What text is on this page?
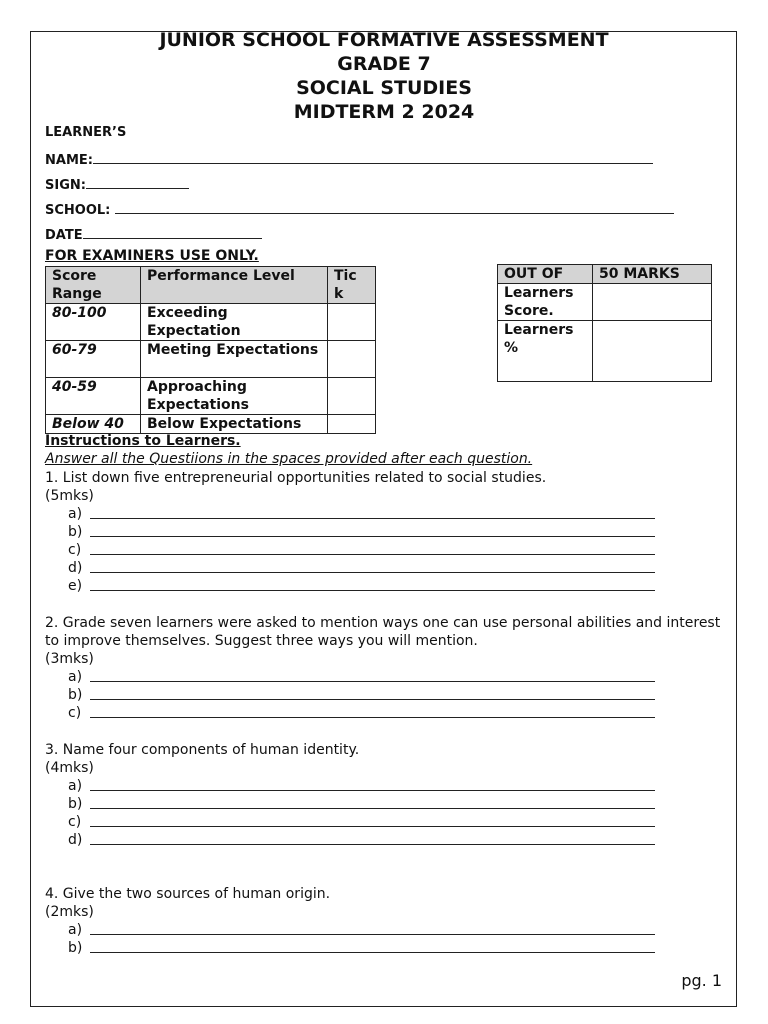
JUNIOR SCHOOL FORMATIVE ASSESSMENT
GRADE 7
SOCIAL STUDIES
MIDTERM 2 2024
LEARNER’S
NAME:
SIGN:
SCHOOL:
DATE
FOR EXAMINERS USE ONLY.
Score Range	Performance Level	Tic k
80-100	Exceeding Expectation	
60-79	Meeting Expectations	
40-59	Approaching Expectations	
Below 40	Below Expectations	
OUT OF	50 MARKS
Learners Score.	
Learners %	
Instructions to Learners.
Answer all the Questiions in the spaces provided after each question.
1. List down five entrepreneurial opportunities related to social studies.
(5mks)
a)
b)
c)
d)
e)
2. Grade seven learners were asked to mention ways one can use personal abilities and interest to improve themselves. Suggest three ways you will mention.
(3mks)
a)
b)
c)
3. Name four components of human identity.
(4mks)
a)
b)
c)
d)
4. Give the two sources of human origin.
(2mks)
a)
b)
pg. 1
